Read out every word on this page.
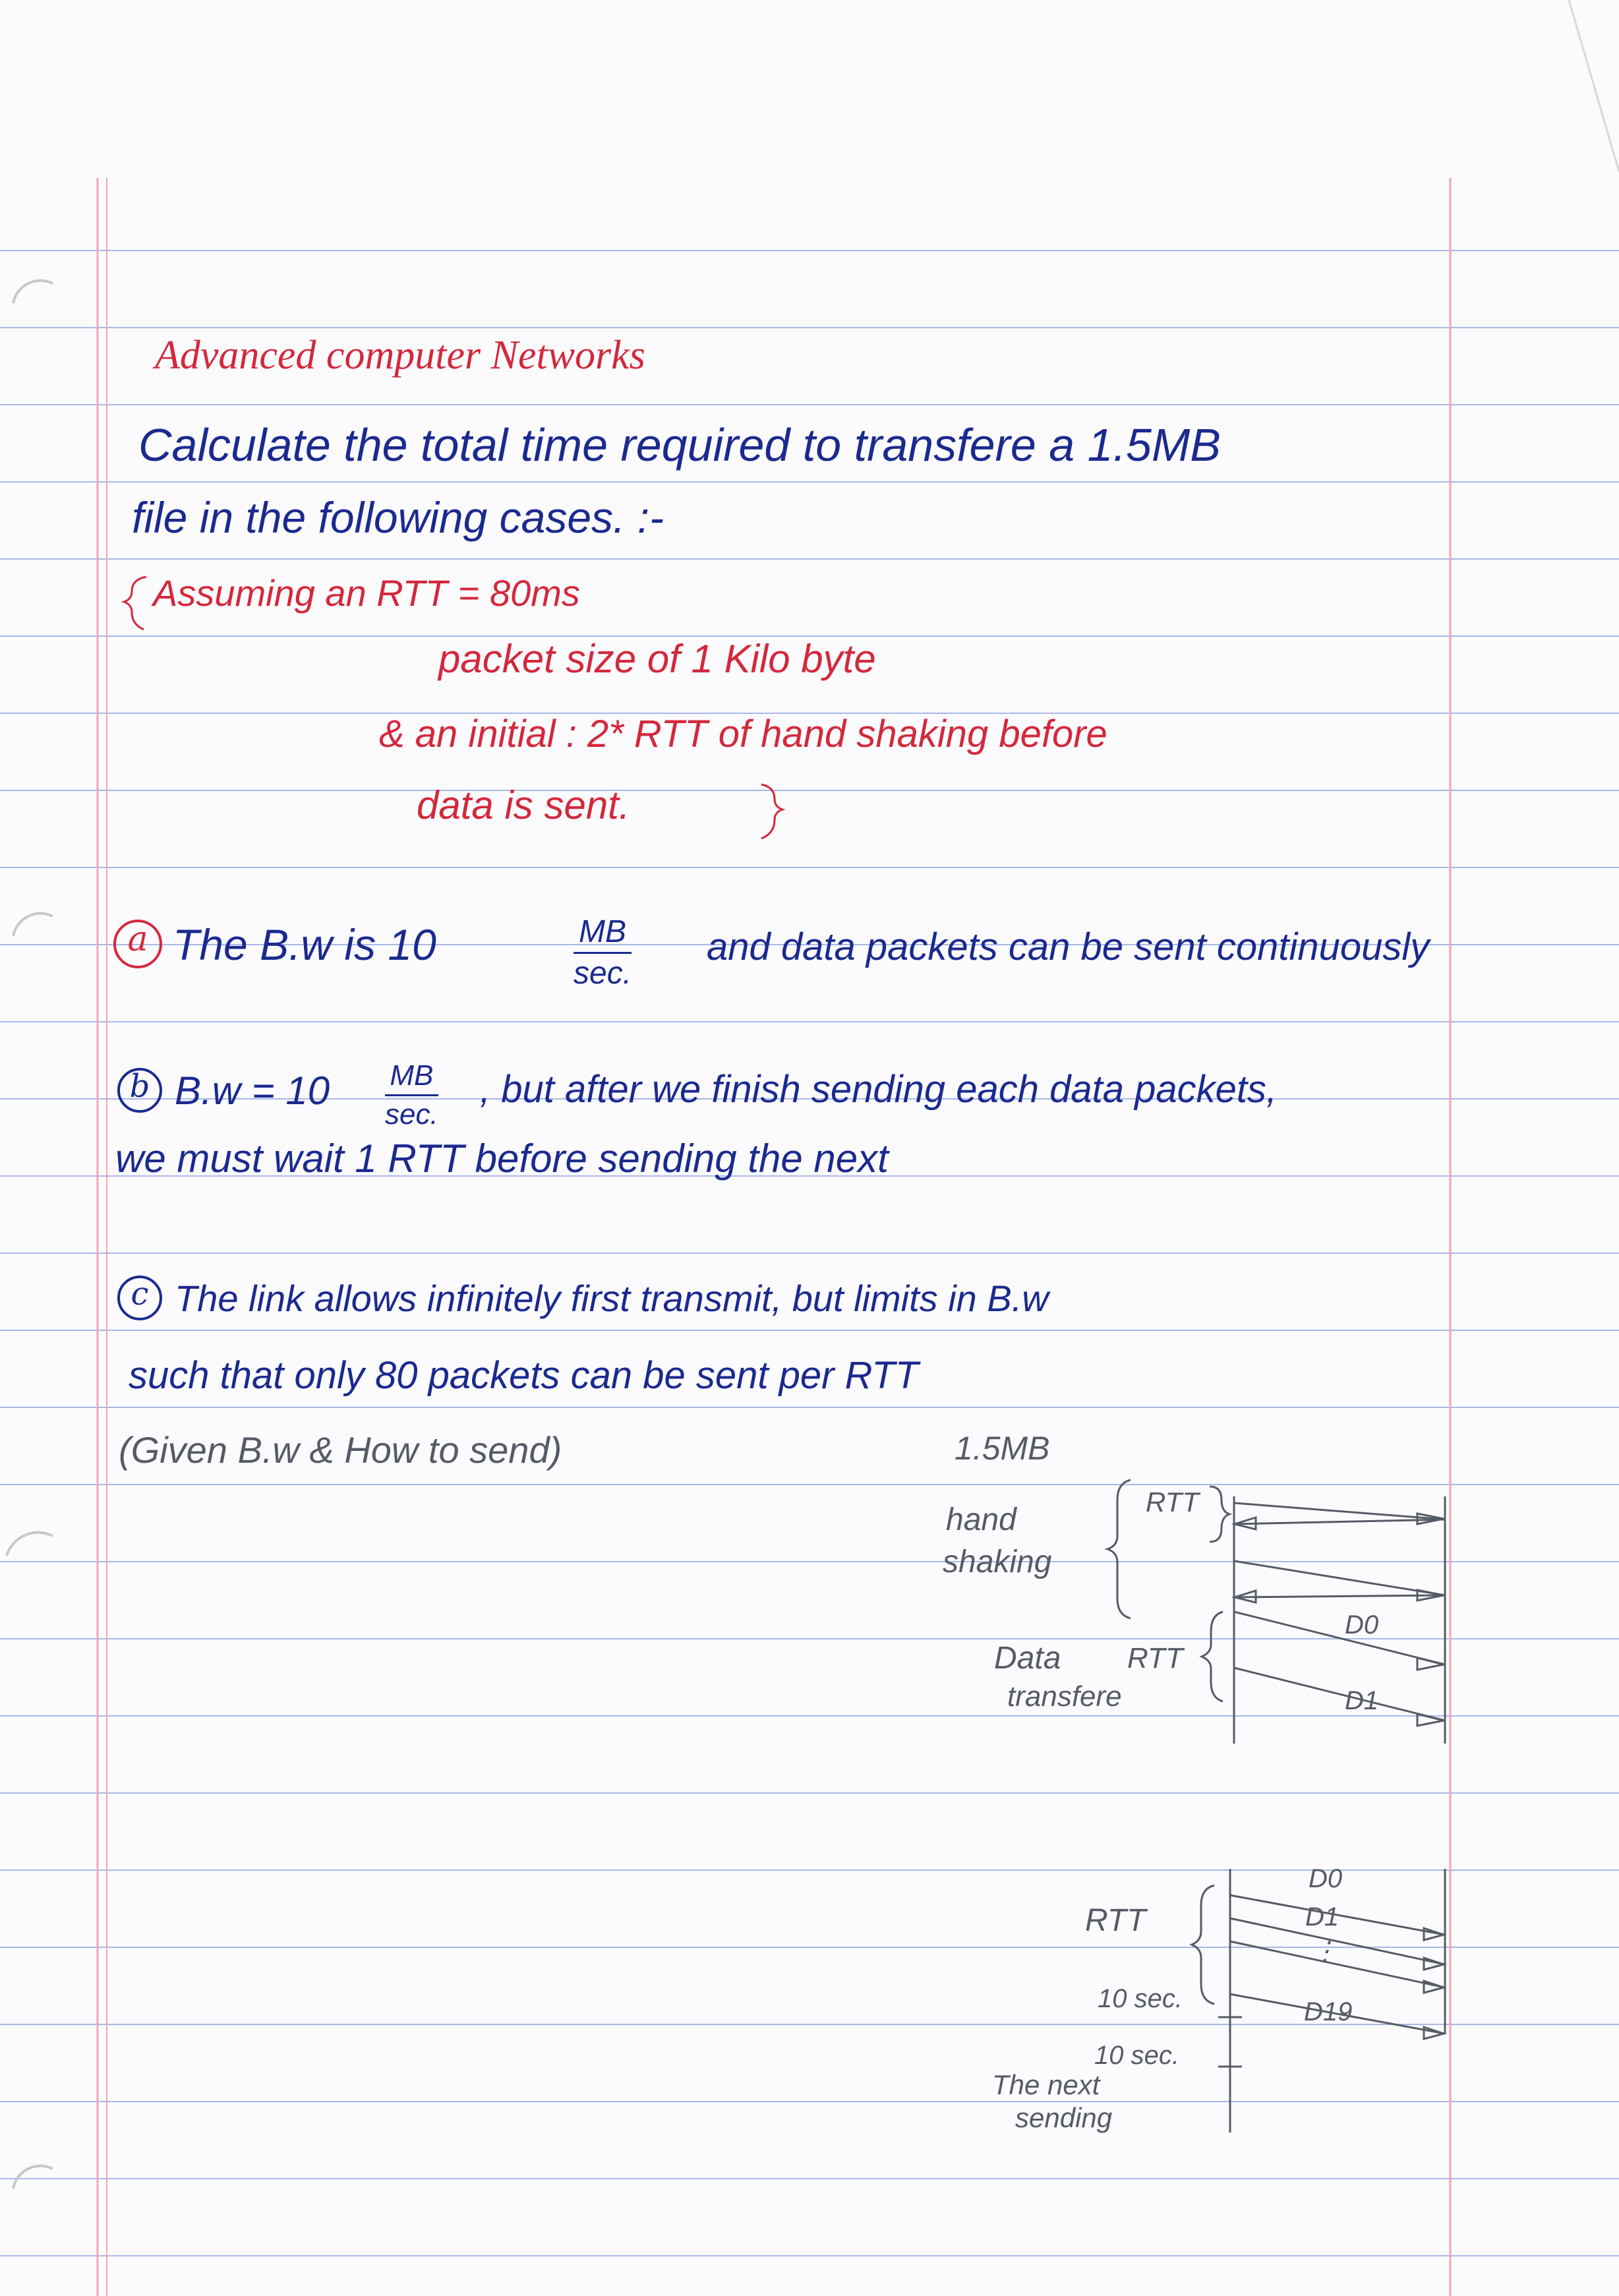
Advanced computer Networks
Calculate the total time required to transfere a 1.5MB
file in the following cases. :-
Assuming an RTT = 80ms
packet size of 1 Kilo byte
& an initial : 2* RTT of hand shaking before
data is sent.
a The B.w is 10	MB
sec.
and data packets can be sent continuously
b B.w = 10 MB
sec.
, but after we finish sending each data packets,
we must wait 1 RTT before sending the next
c The link allows infinitely first transmit, but limits in B.w
such that only 80 packets can be sent per RTT
(Given B.w & How to send)	1.5MB
RTT
hand
shaking
Data
transfere
RTT
D0
D1
RTT
D0
D1
⋮
D19
10 sec.
10 sec.
The next
sending
